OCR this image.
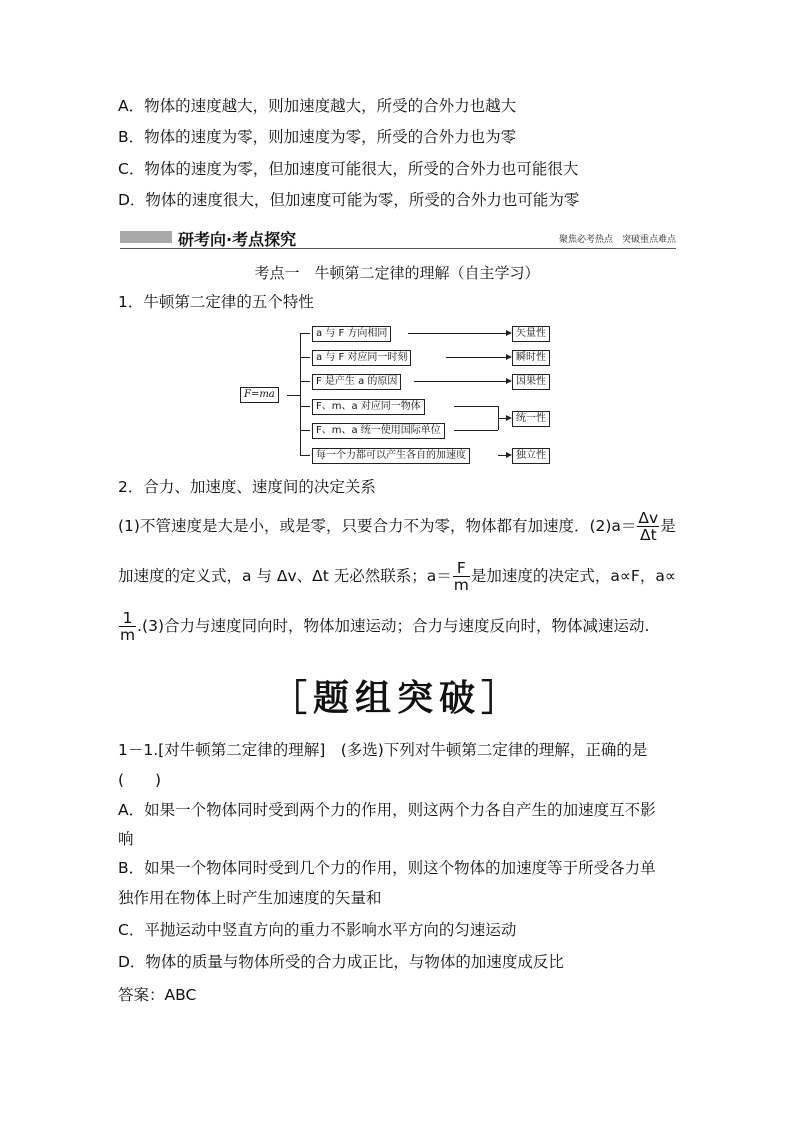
A．物体的速度越大，则加速度越大，所受的合外力也越大
B．物体的速度为零，则加速度为零，所受的合外力也为零
C．物体的速度为零，但加速度可能很大，所受的合外力也可能很大
D．物体的速度很大，但加速度可能为零，所受的合外力也可能为零
研考向·考点探究	聚焦必考热点　突破重点难点
考点一　牛顿第二定律的理解（自主学习）
1．牛顿第二定律的五个特性
F=ma
a 与 F 方向相同	矢量性
a 与 F 对应同一时刻	瞬时性
F 是产生 a 的原因	因果性
F、m、a 对应同一物体
F、m、a 统一使用国际单位
统一性
每一个力都可以产生各自的加速度	独立性
2．合力、加速度、速度间的决定关系
(1)不管速度是大是小，或是零，只要合力不为零，物体都有加速度．$(2)a= \frac{\Delta v}{\Delta t}$ 是
加速度的定义式，a 与 Δv、Δt 无必然联系；$a= \frac{F}{m}$ 是加速度的决定式，a∝F，a∝
$\frac{1}{m} .(3)$合力与速度同向时，物体加速运动；合力与速度反向时，物体减速运动.
［题组突破］
1－1.[对牛顿第二定律的理解]　(多选)下列对牛顿第二定律的理解，正确的是
(　　)
A．如果一个物体同时受到两个力的作用，则这两个力各自产生的加速度互不影
响
B．如果一个物体同时受到几个力的作用，则这个物体的加速度等于所受各力单
独作用在物体上时产生加速度的矢量和
C．平抛运动中竖直方向的重力不影响水平方向的匀速运动
D．物体的质量与物体所受的合力成正比，与物体的加速度成反比
答案：ABC
